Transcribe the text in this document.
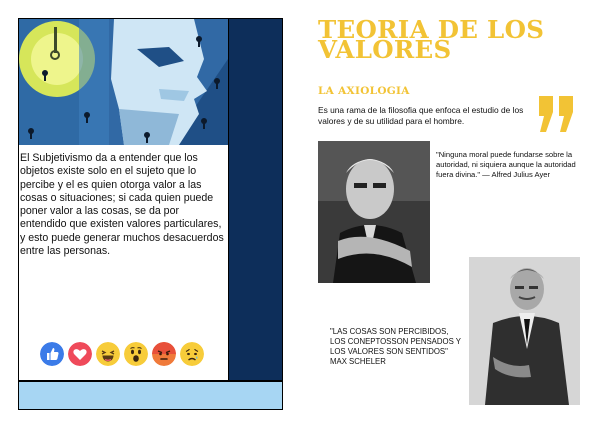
El Subjetivismo da a entender que los objetos existe solo en el sujeto que lo percibe y el es quien otorga valor a las cosas o situaciones; si cada quien puede poner valor a las cosas, se da por entendido que existen valores particulares, y esto puede generar muchos desacuerdos entre las personas.

TEORIA DE LOS VALORES
LA AXIOLOGIA

Es una rama de la filosofia que enfoca el estudio de los valores y de su utilidad para el hombre.

"Ninguna moral puede fundarse sobre la autoridad, ni siquiera aunque la autoridad fuera divina." — Alfred Julius Ayer

"LAS COSAS SON PERCIBIDOS, LOS CONEPTOSSON PENSADOS Y LOS VALORES SON SENTIDOS" MAX SCHELER
